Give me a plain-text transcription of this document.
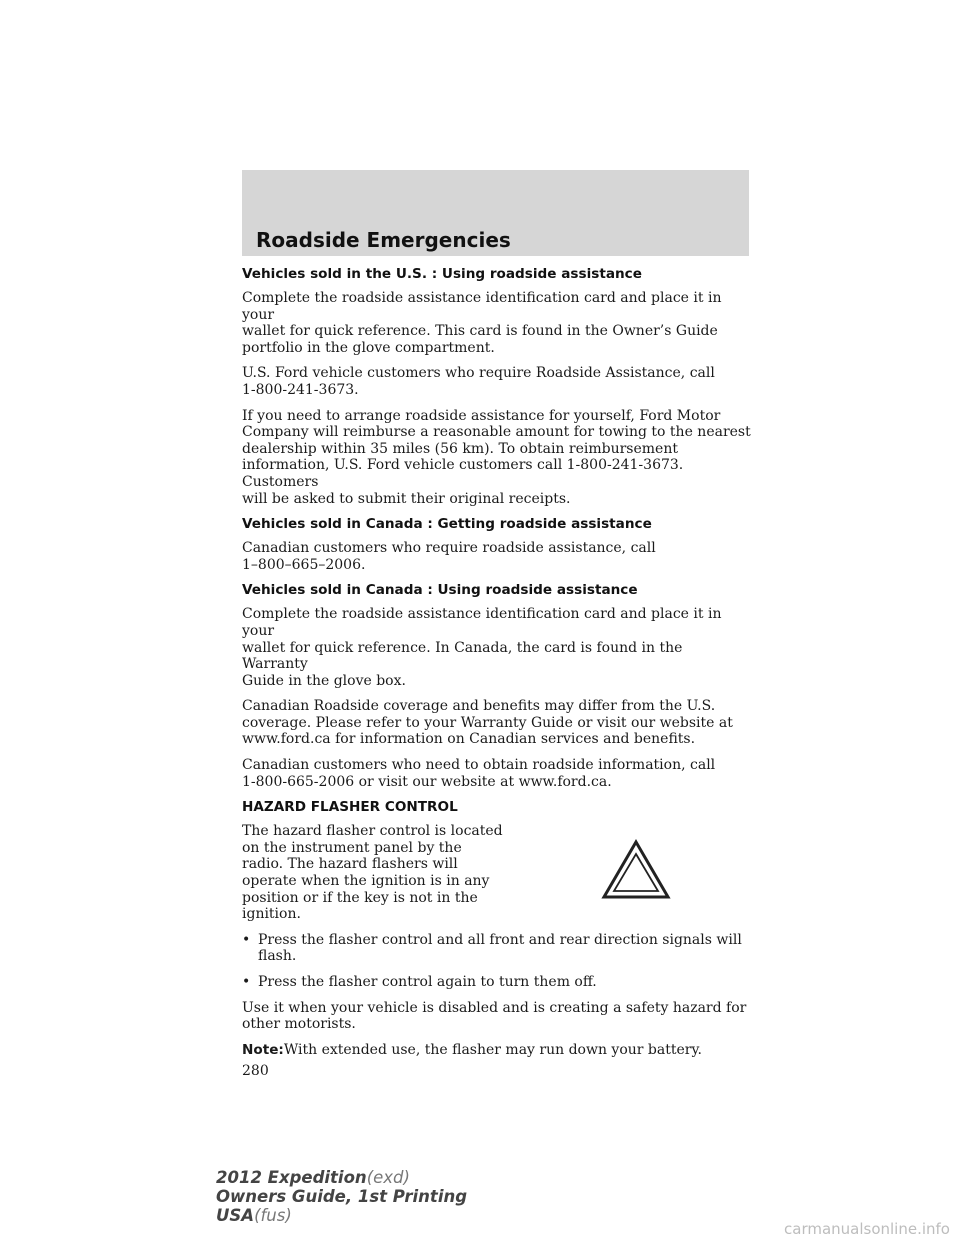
Roadside Emergencies
Vehicles sold in the U.S. : Using roadside assistance
Complete the roadside assistance identification card and place it in your
wallet for quick reference. This card is found in the Owner’s Guide
portfolio in the glove compartment.
U.S. Ford vehicle customers who require Roadside Assistance, call
1-800-241-3673.
If you need to arrange roadside assistance for yourself, Ford Motor
Company will reimburse a reasonable amount for towing to the nearest
dealership within 35 miles (56 km). To obtain reimbursement
information, U.S. Ford vehicle customers call 1-800-241-3673. Customers
will be asked to submit their original receipts.
Vehicles sold in Canada : Getting roadside assistance
Canadian customers who require roadside assistance, call
1–800–665–2006.
Vehicles sold in Canada : Using roadside assistance
Complete the roadside assistance identification card and place it in your
wallet for quick reference. In Canada, the card is found in the Warranty
Guide in the glove box.
Canadian Roadside coverage and benefits may differ from the U.S.
coverage. Please refer to your Warranty Guide or visit our website at
www.ford.ca for information on Canadian services and benefits.
Canadian customers who need to obtain roadside information, call
1-800-665-2006 or visit our website at www.ford.ca.
HAZARD FLASHER CONTROL
The hazard flasher control is located
on the instrument panel by the
radio. The hazard flashers will
operate when the ignition is in any
position or if the key is not in the
ignition.
• Press the flasher control and all front and rear direction signals will
flash.
• Press the flasher control again to turn them off.
Use it when your vehicle is disabled and is creating a safety hazard for
other motorists.
Note:With extended use, the flasher may run down your battery.
280
2012 Expedition(exd)
Owners Guide, 1st Printing
USA(fus)
carmanualsonline.info
